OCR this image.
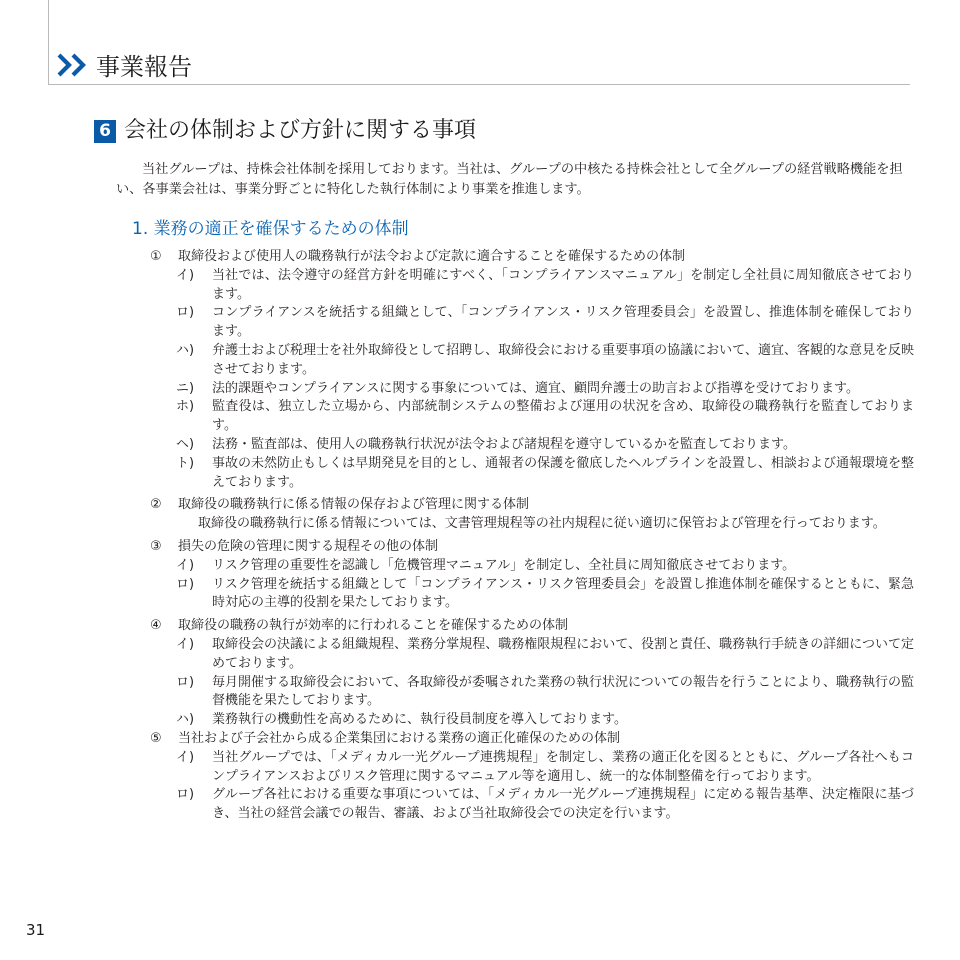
事業報告
6 会社の体制および方針に関する事項
当社グループは、持株会社体制を採用しております。当社は、グループの中核たる持株会社として全グループの経営戦略機能を担い、各事業会社は、事業分野ごとに特化した執行体制により事業を推進します。
1. 業務の適正を確保するための体制
①	取締役および使用人の職務執行が法令および定款に適合することを確保するための体制
イ)	当社では、法令遵守の経営方針を明確にすべく、「コンプライアンスマニュアル」を制定し全社員に周知徹底させております。
ロ)	コンプライアンスを統括する組織として、「コンプライアンス・リスク管理委員会」を設置し、推進体制を確保しております。
ハ)	弁護士および税理士を社外取締役として招聘し、取締役会における重要事項の協議において、適宜、客観的な意見を反映させております。
ニ)	法的課題やコンプライアンスに関する事象については、適宜、顧問弁護士の助言および指導を受けております。
ホ)	監査役は、独立した立場から、内部統制システムの整備および運用の状況を含め、取締役の職務執行を監査しております。
ヘ)	法務・監査部は、使用人の職務執行状況が法令および諸規程を遵守しているかを監査しております。
ト)	事故の未然防止もしくは早期発見を目的とし、通報者の保護を徹底したヘルプラインを設置し、相談および通報環境を整えております。
②	取締役の職務執行に係る情報の保存および管理に関する体制
取締役の職務執行に係る情報については、文書管理規程等の社内規程に従い適切に保管および管理を行っております。
③	損失の危険の管理に関する規程その他の体制
イ)	リスク管理の重要性を認識し「危機管理マニュアル」を制定し、全社員に周知徹底させております。
ロ)	リスク管理を統括する組織として「コンプライアンス・リスク管理委員会」を設置し推進体制を確保するとともに、緊急時対応の主導的役割を果たしております。
④	取締役の職務の執行が効率的に行われることを確保するための体制
イ)	取締役会の決議による組織規程、業務分掌規程、職務権限規程において、役割と責任、職務執行手続きの詳細について定めております。
ロ)	毎月開催する取締役会において、各取締役が委嘱された業務の執行状況についての報告を行うことにより、職務執行の監督機能を果たしております。
ハ)	業務執行の機動性を高めるために、執行役員制度を導入しております。
⑤	当社および子会社から成る企業集団における業務の適正化確保のための体制
イ)	当社グループでは、「メディカル一光グループ連携規程」を制定し、業務の適正化を図るとともに、グループ各社へもコンプライアンスおよびリスク管理に関するマニュアル等を適用し、統一的な体制整備を行っております。
ロ)	グループ各社における重要な事項については、「メディカル一光グループ連携規程」に定める報告基準、決定権限に基づき、当社の経営会議での報告、審議、および当社取締役会での決定を行います。
31
